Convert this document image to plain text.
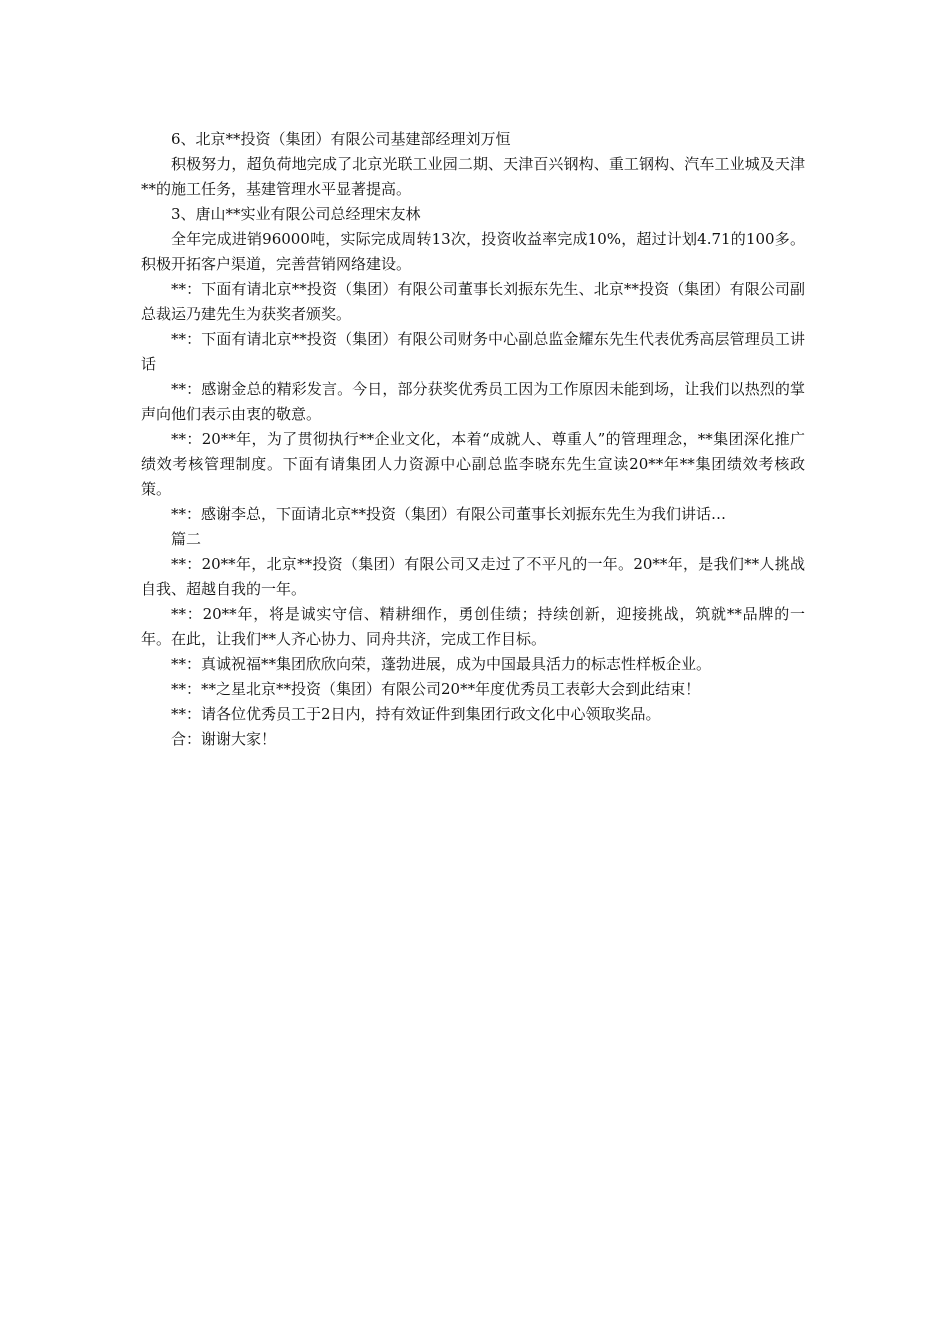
6、北京**投资（集团）有限公司基建部经理刘万恒

积极努力，超负荷地完成了北京光联工业园二期、天津百兴钢构、重工钢构、汽车工业城及天津**的施工任务，基建管理水平显著提高。

3、唐山**实业有限公司总经理宋友林

全年完成进销96000吨，实际完成周转13次，投资收益率完成10%，超过计划4.71的100多。积极开拓客户渠道，完善营销网络建设。

**：下面有请北京**投资（集团）有限公司董事长刘振东先生、北京**投资（集团）有限公司副总裁运乃建先生为获奖者颁奖。

**：下面有请北京**投资（集团）有限公司财务中心副总监金耀东先生代表优秀高层管理员工讲话

**：感谢金总的精彩发言。今日，部分获奖优秀员工因为工作原因未能到场，让我们以热烈的掌声向他们表示由衷的敬意。

**：20**年，为了贯彻执行**企业文化，本着“成就人、尊重人”的管理理念，**集团深化推广绩效考核管理制度。下面有请集团人力资源中心副总监李晓东先生宣读20**年**集团绩效考核政策。

**：感谢李总，下面请北京**投资（集团）有限公司董事长刘振东先生为我们讲话…

篇二

**：20**年，北京**投资（集团）有限公司又走过了不平凡的一年。20**年，是我们**人挑战自我、超越自我的一年。

**：20**年，将是诚实守信、精耕细作，勇创佳绩；持续创新，迎接挑战，筑就**品牌的一年。在此，让我们**人齐心协力、同舟共济，完成工作目标。

**：真诚祝福**集团欣欣向荣，蓬勃进展，成为中国最具活力的标志性样板企业。

**：**之星北京**投资（集团）有限公司20**年度优秀员工表彰大会到此结束！

**：请各位优秀员工于2日内，持有效证件到集团行政文化中心领取奖品。

合：谢谢大家！
